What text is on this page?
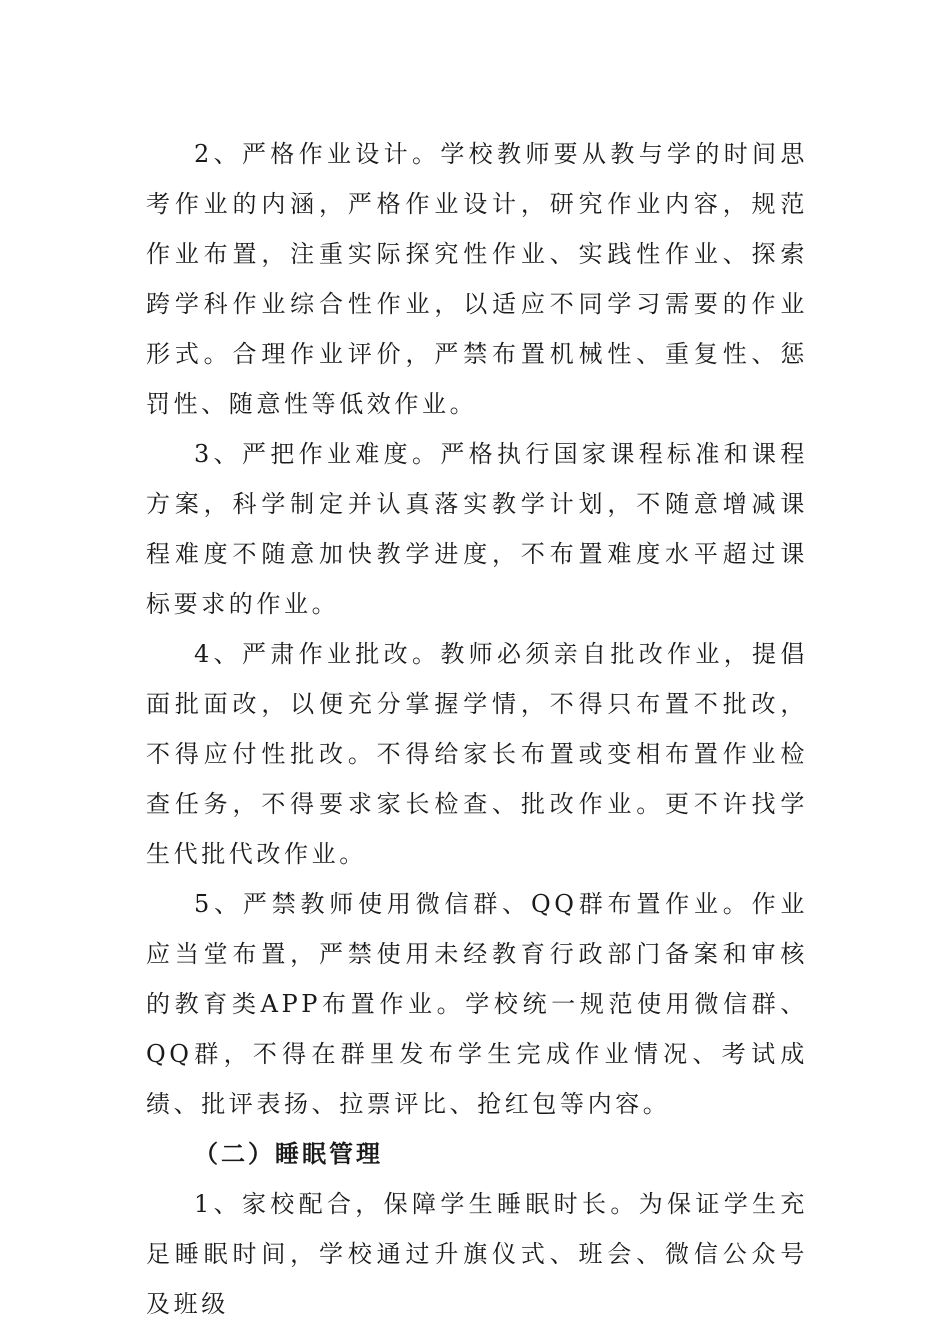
2、严格作业设计。学校教师要从教与学的时间思考作业的内涵，严格作业设计，研究作业内容，规范作业布置，注重实际探究性作业、实践性作业、探索跨学科作业综合性作业，以适应不同学习需要的作业形式。合理作业评价，严禁布置机械性、重复性、惩罚性、随意性等低效作业。

3、严把作业难度。严格执行国家课程标准和课程方案，科学制定并认真落实教学计划，不随意增减课程难度不随意加快教学进度，不布置难度水平超过课标要求的作业。

4、严肃作业批改。教师必须亲自批改作业，提倡面批面改，以便充分掌握学情，不得只布置不批改，不得应付性批改。不得给家长布置或变相布置作业检查任务，不得要求家长检查、批改作业。更不许找学生代批代改作业。

5、严禁教师使用微信群、QQ群布置作业。作业应当堂布置，严禁使用未经教育行政部门备案和审核的教育类APP布置作业。学校统一规范使用微信群、QQ群，不得在群里发布学生完成作业情况、考试成绩、批评表扬、拉票评比、抢红包等内容。

（二）睡眠管理

1、家校配合，保障学生睡眠时长。为保证学生充足睡眠时间，学校通过升旗仪式、班会、微信公众号及班级
